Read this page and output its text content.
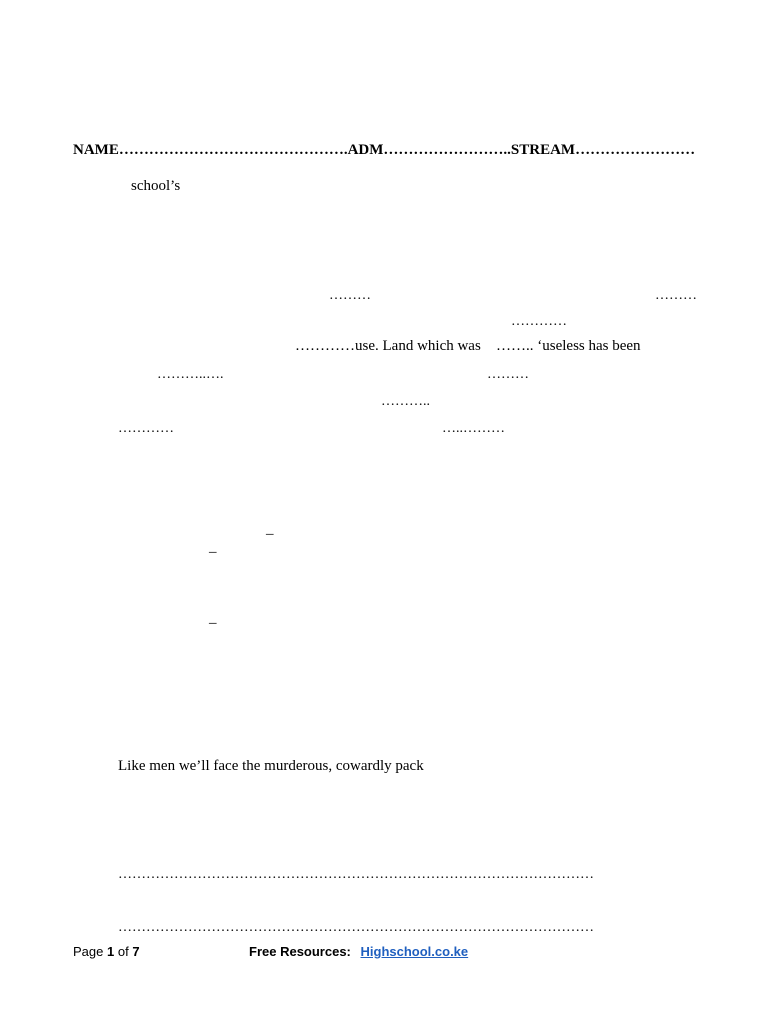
NAME……………………………………….ADM……………………..STREAM……………………
school’s
………	………
…………
…………use. Land which was …….. ‘useless has been
………..….	………
………..
…………	…..………
–
–
–
Like men we’ll face the murderous, cowardly pack
…………………………………………………………………………………………
…………………………………………………………………………………………
Page 1 of 7	Free Resources: Highschool.co.ke
